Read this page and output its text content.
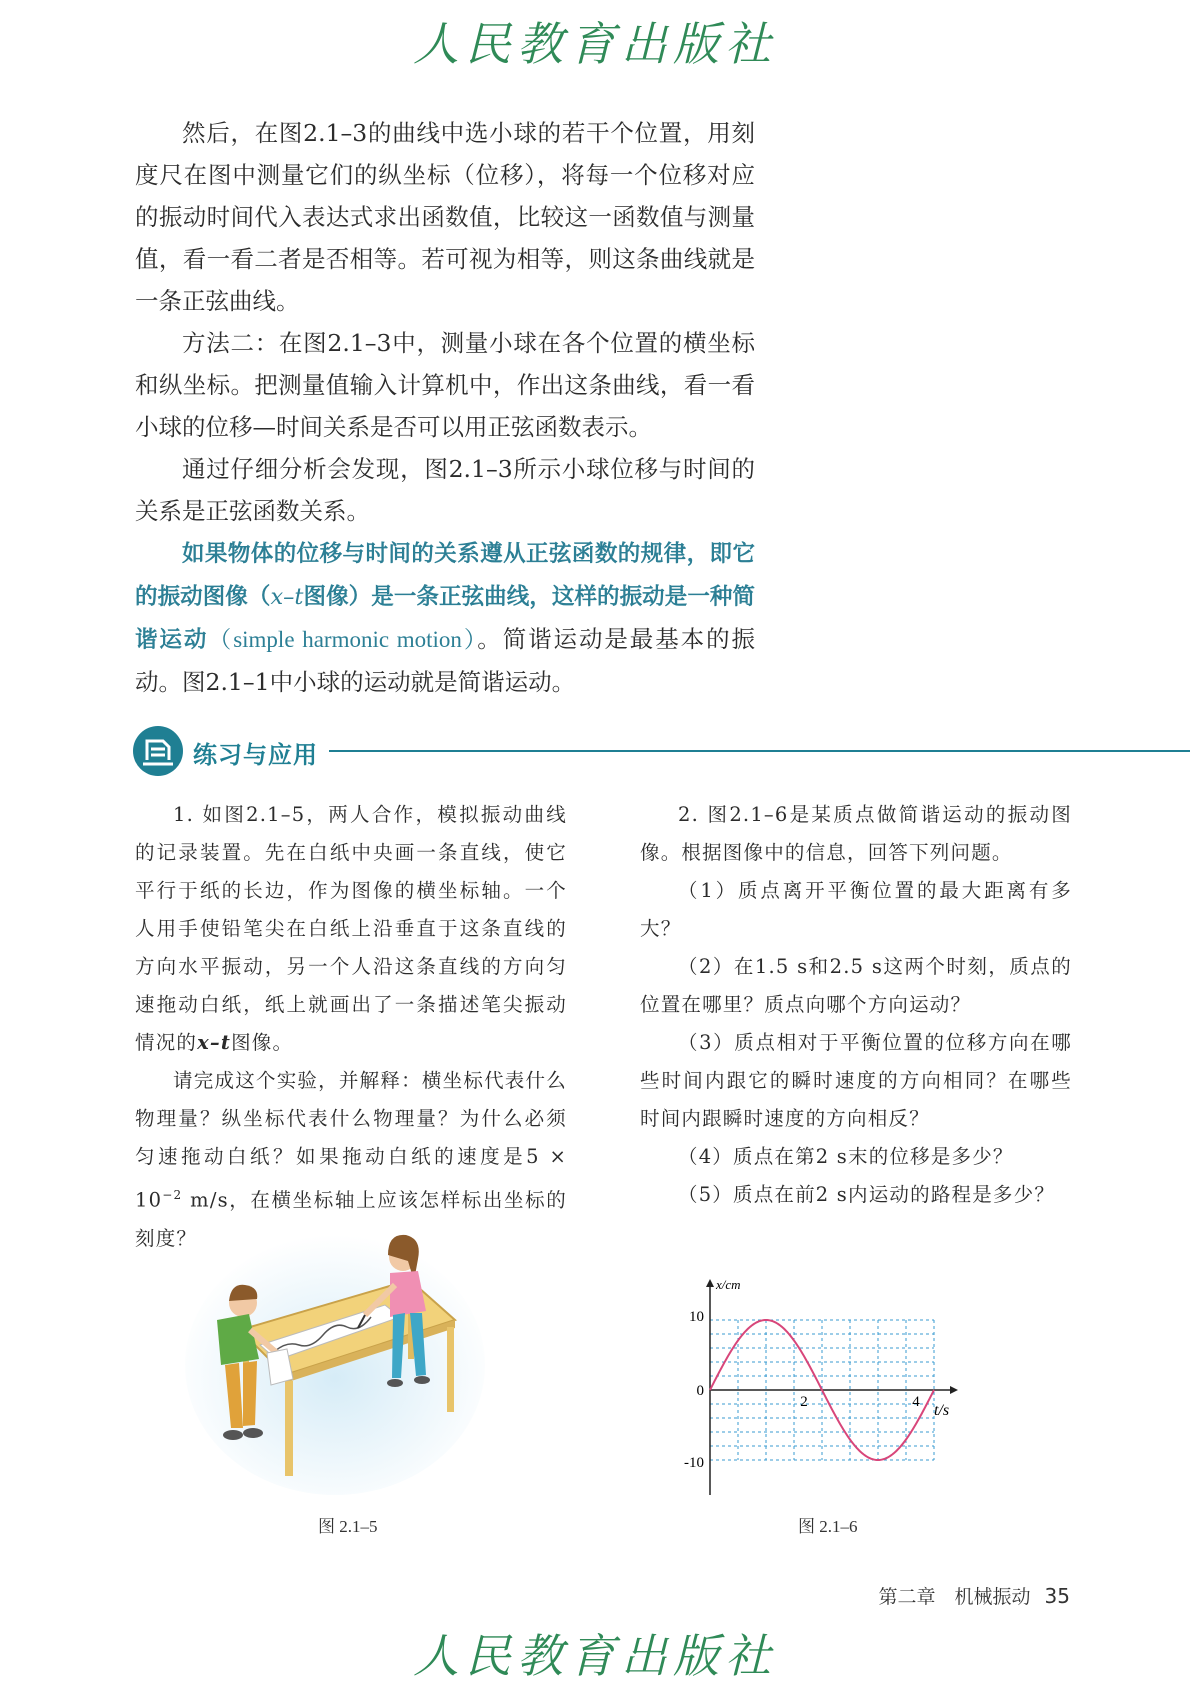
人民教育出版社

然后，在图2.1–3的曲线中选小球的若干个位置，用刻度尺在图中测量它们的纵坐标（位移），将每一个位移对应的振动时间代入表达式求出函数值，比较这一函数值与测量值，看一看二者是否相等。若可视为相等，则这条曲线就是一条正弦曲线。

方法二：在图2.1–3中，测量小球在各个位置的横坐标和纵坐标。把测量值输入计算机中，作出这条曲线，看一看小球的位移—时间关系是否可以用正弦函数表示。

通过仔细分析会发现，图2.1–3所示小球位移与时间的关系是正弦函数关系。

如果物体的位移与时间的关系遵从正弦函数的规律，即它的振动图像（x–t图像）是一条正弦曲线，这样的振动是一种简谐运动（simple harmonic motion）。简谐运动是最基本的振动。图2.1–1中小球的运动就是简谐运动。

练习与应用

1. 如图2.1–5，两人合作，模拟振动曲线的记录装置。先在白纸中央画一条直线，使它平行于纸的长边，作为图像的横坐标轴。一个人用手使铅笔尖在白纸上沿垂直于这条直线的方向水平振动，另一个人沿这条直线的方向匀速拖动白纸，纸上就画出了一条描述笔尖振动情况的x–t图像。

请完成这个实验，并解释：横坐标代表什么物理量？纵坐标代表什么物理量？为什么必须匀速拖动白纸？如果拖动白纸的速度是$5 \times 10^{-2}$ m/s，在横坐标轴上应该怎样标出坐标的刻度？

2. 图2.1–6是某质点做简谐运动的振动图像。根据图像中的信息，回答下列问题。

（1）质点离开平衡位置的最大距离有多大？

（2）在1.5 s和2.5 s这两个时刻，质点的位置在哪里？质点向哪个方向运动？

（3）质点相对于平衡位置的位移方向在哪些时间内跟它的瞬时速度的方向相同？在哪些时间内跟瞬时速度的方向相反？

（4）质点在第2 s末的位移是多少？

（5）质点在前2 s内运动的路程是多少？

图 2.1–5
x/cm
t/s
10
0
-10
2	4
图 2.1–6
第二章　机械振动 35
人民教育出版社
